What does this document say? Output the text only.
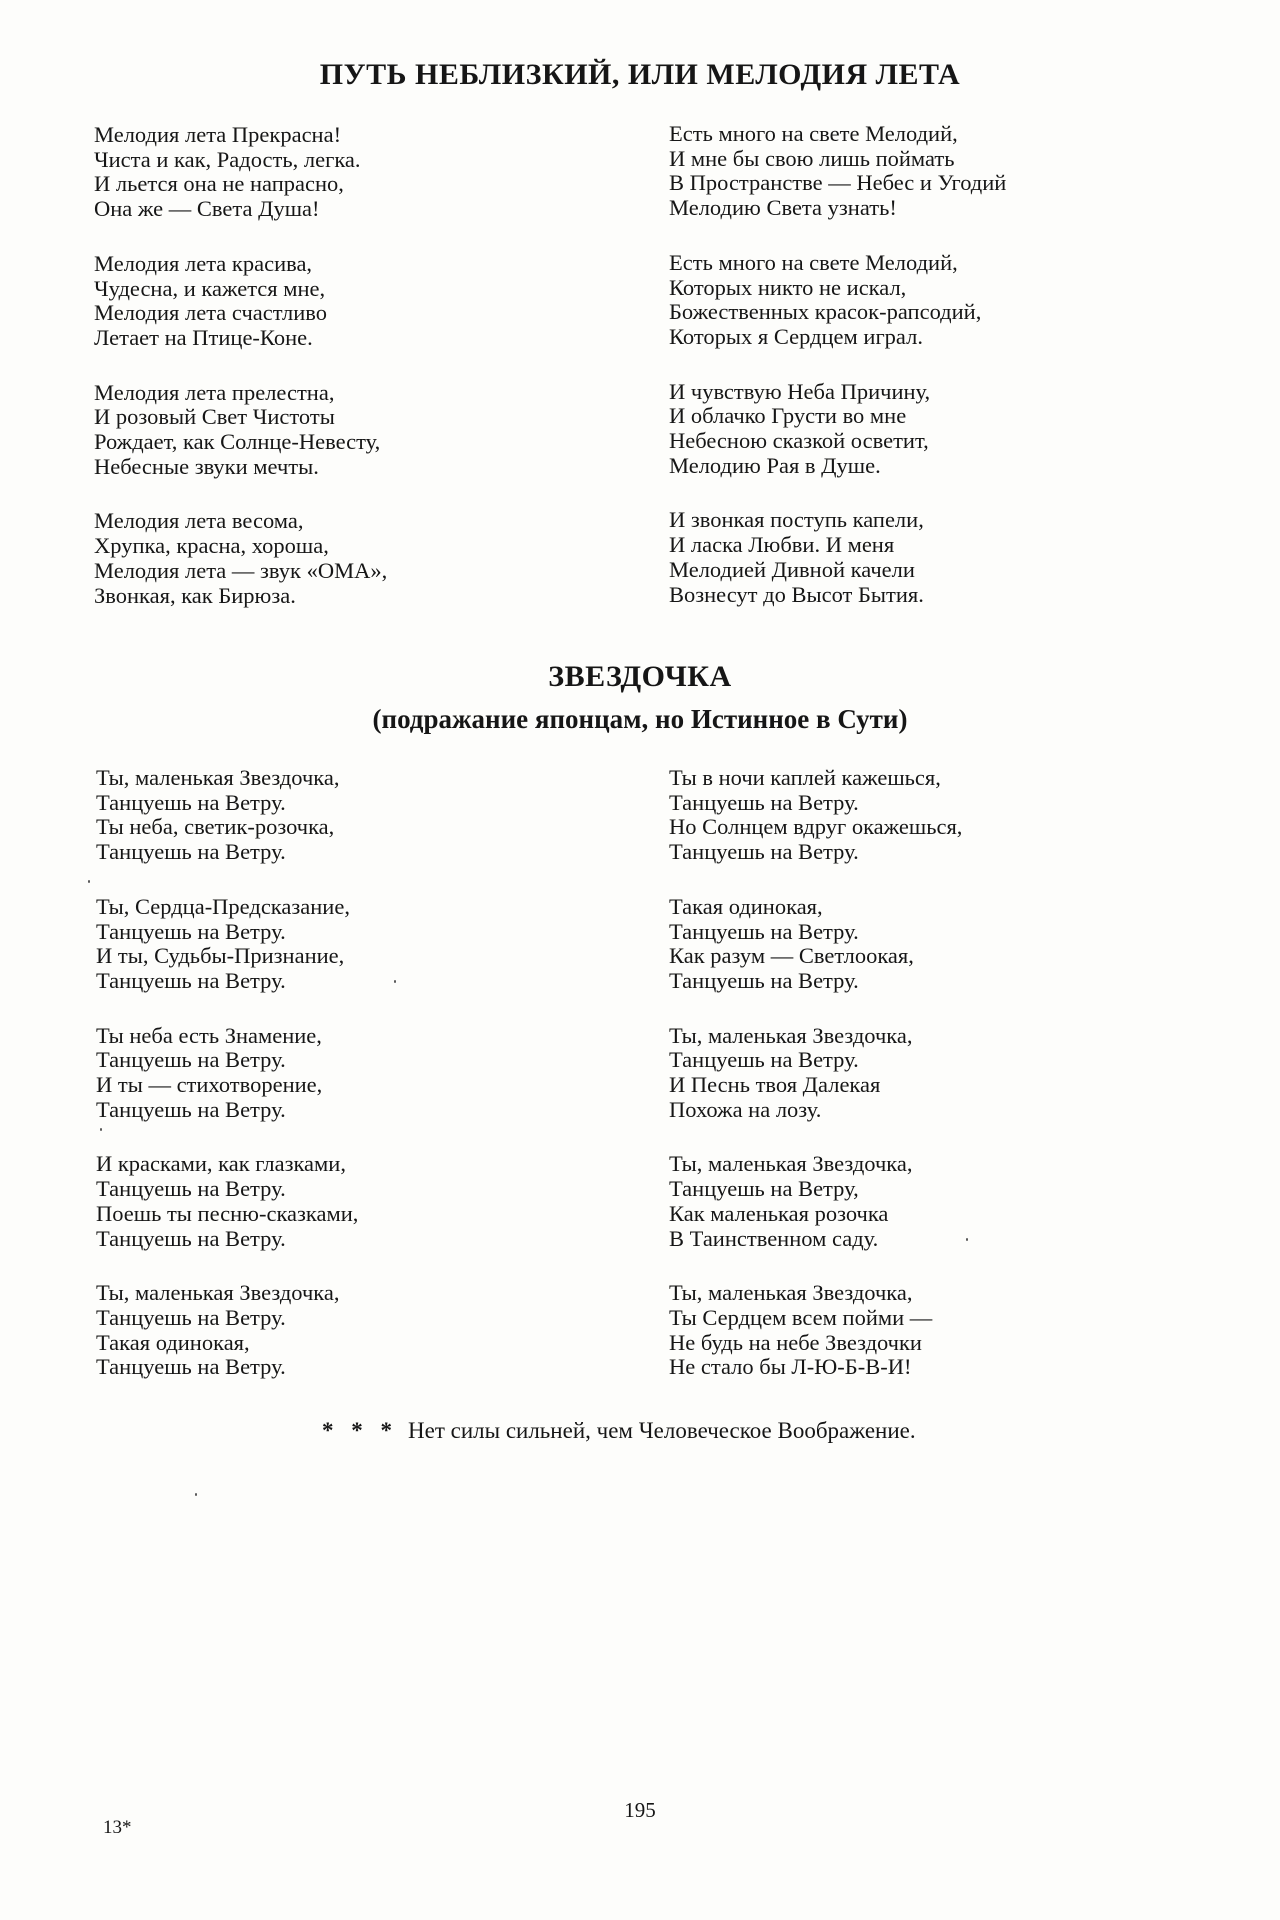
ПУТЬ НЕБЛИЗКИЙ, ИЛИ МЕЛОДИЯ ЛЕТА
Мелодия лета Прекрасна!
Чиста и как, Радость, легка.
И льется она не напрасно,
Она же — Света Душа!
Мелодия лета красива,
Чудесна, и кажется мне,
Мелодия лета счастливо
Летает на Птице-Коне.
Мелодия лета прелестна,
И розовый Свет Чистоты
Рождает, как Солнце-Невесту,
Небесные звуки мечты.
Мелодия лета весома,
Хрупка, красна, хороша,
Мелодия лета — звук «ОМА»,
Звонкая, как Бирюза.
Есть много на свете Мелодий,
И мне бы свою лишь поймать
В Пространстве — Небес и Угодий
Мелодию Света узнать!
Есть много на свете Мелодий,
Которых никто не искал,
Божественных красок-рапсодий,
Которых я Сердцем играл.
И чувствую Неба Причину,
И облачко Грусти во мне
Небесною сказкой осветит,
Мелодию Рая в Душе.
И звонкая поступь капели,
И ласка Любви. И меня
Мелодией Дивной качели
Вознесут до Высот Бытия.
ЗВЕЗДОЧКА
(подражание японцам, но Истинное в Сути)
Ты, маленькая Звездочка,
Танцуешь на Ветру.
Ты неба, светик-розочка,
Танцуешь на Ветру.
Ты, Сердца-Предсказание,
Танцуешь на Ветру.
И ты, Судьбы-Признание,
Танцуешь на Ветру.
Ты неба есть Знамение,
Танцуешь на Ветру.
И ты — стихотворение,
Танцуешь на Ветру.
И красками, как глазками,
Танцуешь на Ветру.
Поешь ты песню-сказками,
Танцуешь на Ветру.
Ты, маленькая Звездочка,
Танцуешь на Ветру.
Такая одинокая,
Танцуешь на Ветру.
Ты в ночи каплей кажешься,
Танцуешь на Ветру.
Но Солнцем вдруг окажешься,
Танцуешь на Ветру.
Такая одинокая,
Танцуешь на Ветру.
Как разум — Светлоокая,
Танцуешь на Ветру.
Ты, маленькая Звездочка,
Танцуешь на Ветру.
И Песнь твоя Далекая
Похожа на лозу.
Ты, маленькая Звездочка,
Танцуешь на Ветру,
Как маленькая розочка
В Таинственном саду.
Ты, маленькая Звездочка,
Ты Сердцем всем пойми —
Не будь на небе Звездочки
Не стало бы Л-Ю-Б-В-И!
* * * Нет силы сильней, чем Человеческое Воображение.
195
13*
